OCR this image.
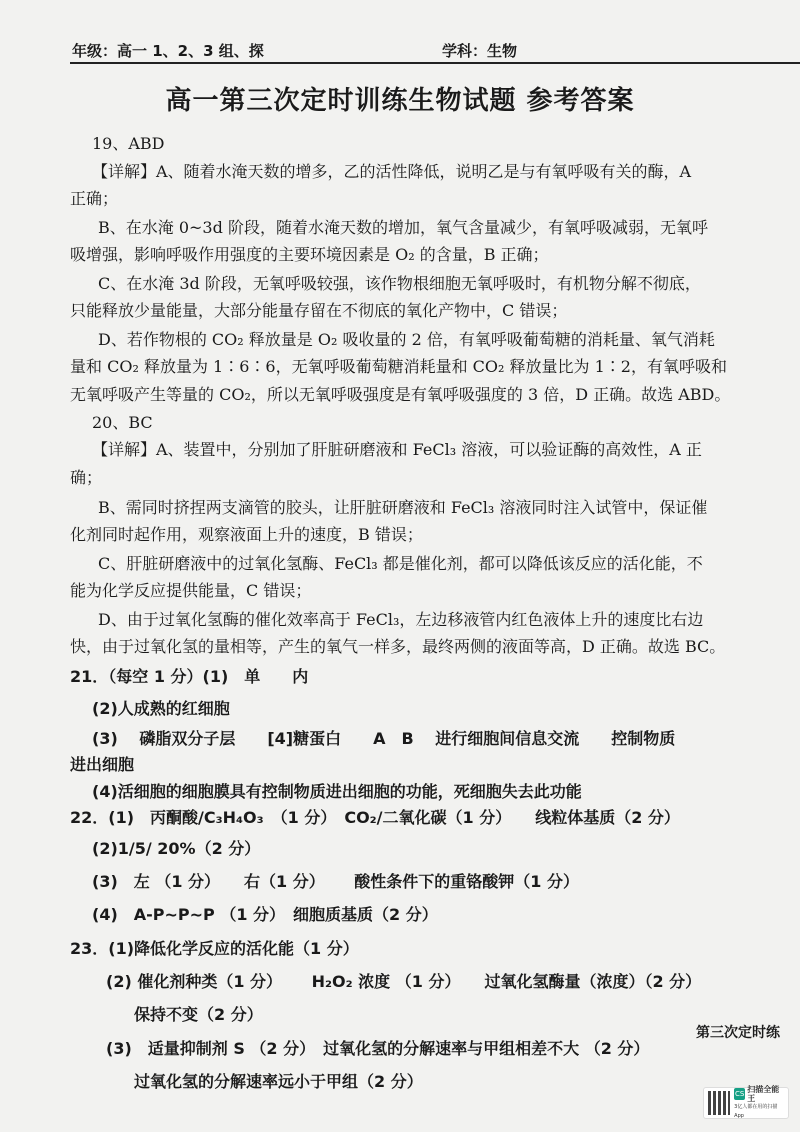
年级：高一 1、2、3 组、探	学科：生物
高一第三次定时训练生物试题 参考答案
19、ABD
【详解】A、随着水淹天数的增多，乙的活性降低，说明乙是与有氧呼吸有关的酶，A
正确；
B、在水淹 0~3d 阶段，随着水淹天数的增加，氧气含量减少，有氧呼吸减弱，无氧呼
吸增强，影响呼吸作用强度的主要环境因素是 O₂ 的含量，B 正确；
C、在水淹 3d 阶段，无氧呼吸较强，该作物根细胞无氧呼吸时，有机物分解不彻底，
只能释放少量能量，大部分能量存留在不彻底的氧化产物中，C 错误；
D、若作物根的 CO₂ 释放量是 O₂ 吸收量的 2 倍，有氧呼吸葡萄糖的消耗量、氧气消耗
量和 CO₂ 释放量为 1∶6∶6，无氧呼吸葡萄糖消耗量和 CO₂ 释放量比为 1∶2，有氧呼吸和
无氧呼吸产生等量的 CO₂，所以无氧呼吸强度是有氧呼吸强度的 3 倍，D 正确。故选 ABD。
20、BC
【详解】A、装置中，分别加了肝脏研磨液和 FeCl₃ 溶液，可以验证酶的高效性，A 正
确；
B、需同时挤捏两支滴管的胶头，让肝脏研磨液和 FeCl₃ 溶液同时注入试管中，保证催
化剂同时起作用，观察液面上升的速度，B 错误；
C、肝脏研磨液中的过氧化氢酶、FeCl₃ 都是催化剂，都可以降低该反应的活化能，不
能为化学反应提供能量，C 错误；
D、由于过氧化氢酶的催化效率高于 FeCl₃，左边移液管内红色液体上升的速度比右边
快，由于过氧化氢的量相等，产生的氧气一样多，最终两侧的液面等高，D 正确。故选 BC。
21．（每空 1 分）(1)　单　　内
(2)人成熟的红细胞
(3)　 磷脂双分子层　　[4]糖蛋白　　A　B　 进行细胞间信息交流　　控制物质
进出细胞
(4)活细胞的细胞膜具有控制物质进出细胞的功能，死细胞失去此功能
22．(1)　丙酮酸/C₃H₄O₃　（1 分）　CO₂/二氧化碳（1 分）　　线粒体基质（2 分）
(2)1/5/ 20%（2 分）
(3)　左 （1 分）　　右（1 分）　　 酸性条件下的重铬酸钾（1 分）
(4)　A-P~P~P （1 分）　细胞质基质（2 分）
23．(1)降低化学反应的活化能（1 分）
(2) 催化剂种类（1 分）　　 H₂O₂ 浓度 （1 分）　　过氧化氢酶量（浓度）（2 分）
保持不变（2 分）
(3)　适量抑制剂 S （2 分）　过氧化氢的分解速率与甲组相差不大 （2 分）
过氧化氢的分解速率远小于甲组（2 分）
第三次定时练
CS 扫描全能王
3亿人都在用的扫描App
